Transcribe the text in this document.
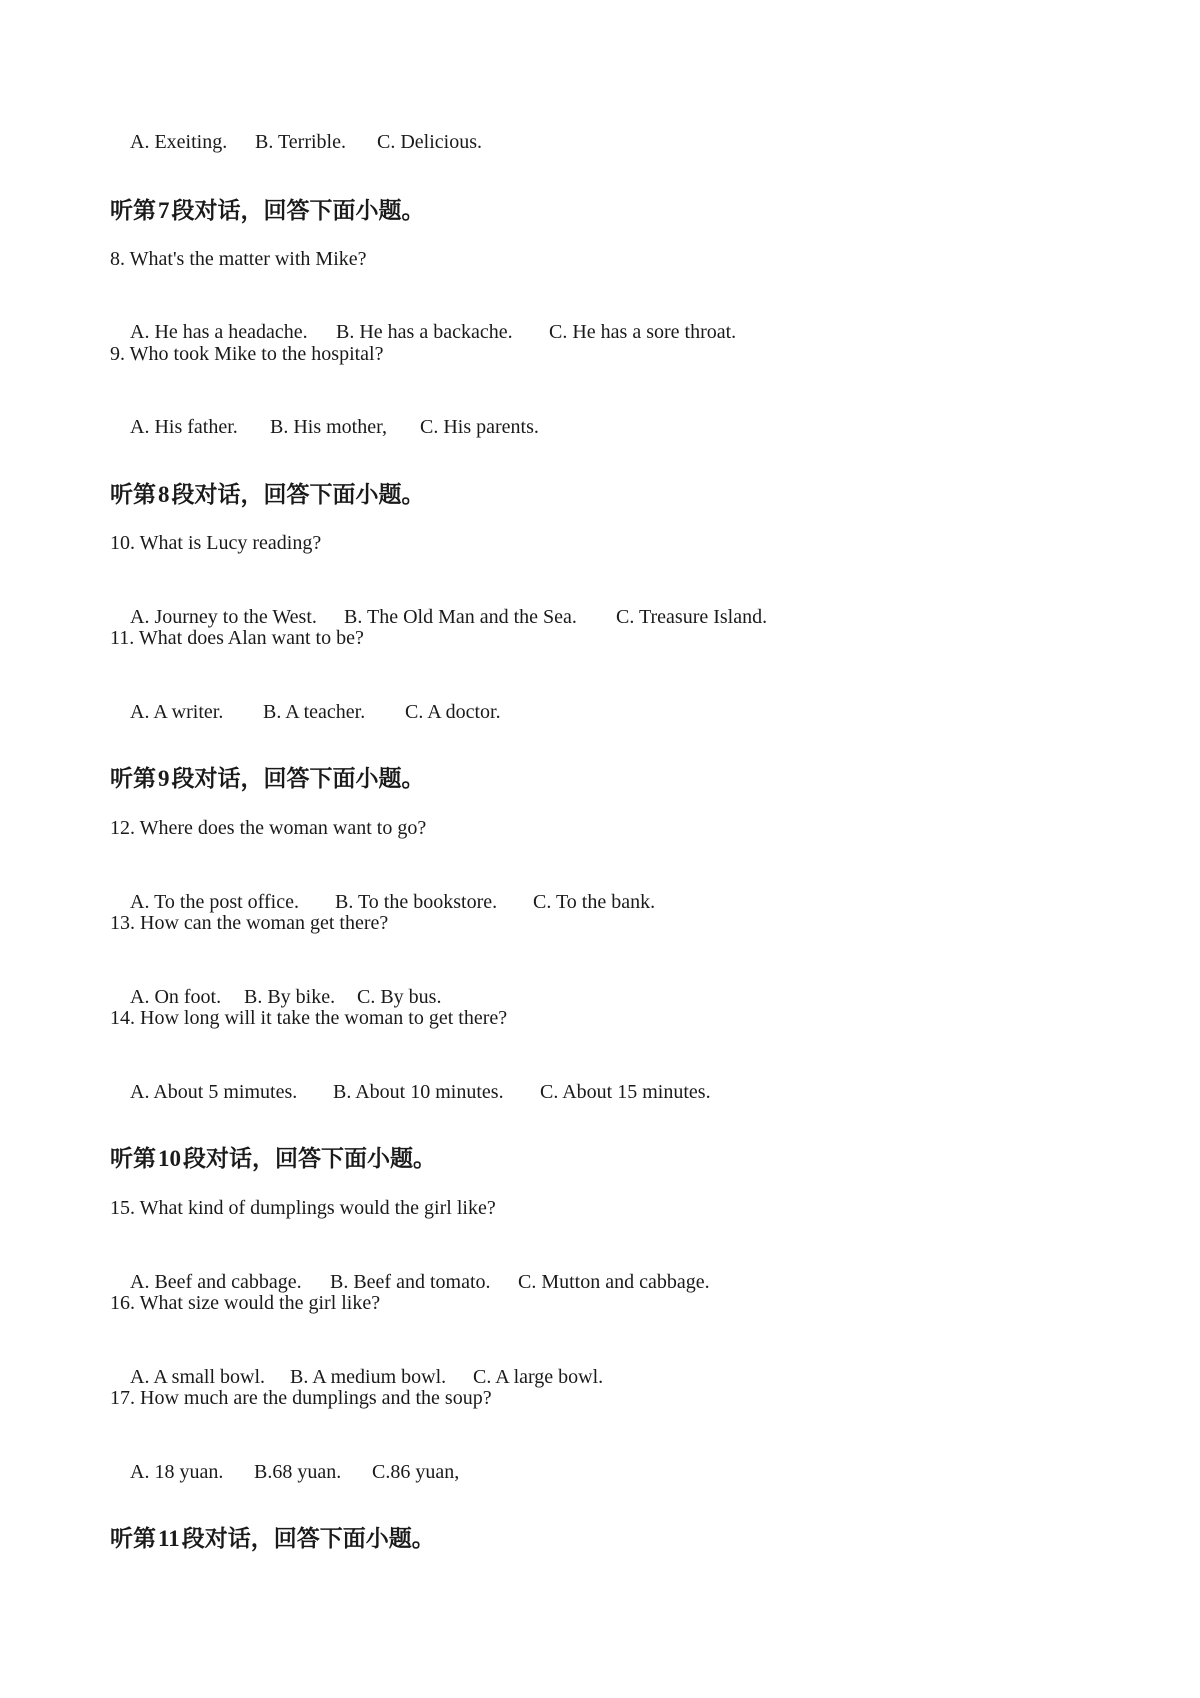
A. Exeiting. B. Terrible. C. Delicious.

听第7段对话，回答下面小题。
8. What's the matter with Mike?

A. He has a headache. B. He has a backache. C. He has a sore throat.

9. Who took Mike to the hospital?

A. His father. B. His mother, C. His parents.

听第8段对话，回答下面小题。
10. What is Lucy reading?

A. Journey to the West. B. The Old Man and the Sea. C. Treasure Island.

11. What does Alan want to be?

A. A writer. B. A teacher. C. A doctor.

听第9段对话，回答下面小题。
12. Where does the woman want to go?

A. To the post office. B. To the bookstore. C. To the bank.

13. How can the woman get there?

A. On foot. B. By bike. C. By bus.

14. How long will it take the woman to get there?

A. About 5 mimutes. B. About 10 minutes. C. About 15 minutes.

听第10段对话，回答下面小题。
15. What kind of dumplings would the girl like?

A. Beef and cabbage. B. Beef and tomato. C. Mutton and cabbage.

16. What size would the girl like?

A. A small bowl. B. A medium bowl. C. A large bowl.

17. How much are the dumplings and the soup?

A. 18 yuan. B.68 yuan. C.86 yuan,

听第11段对话，回答下面小题。
